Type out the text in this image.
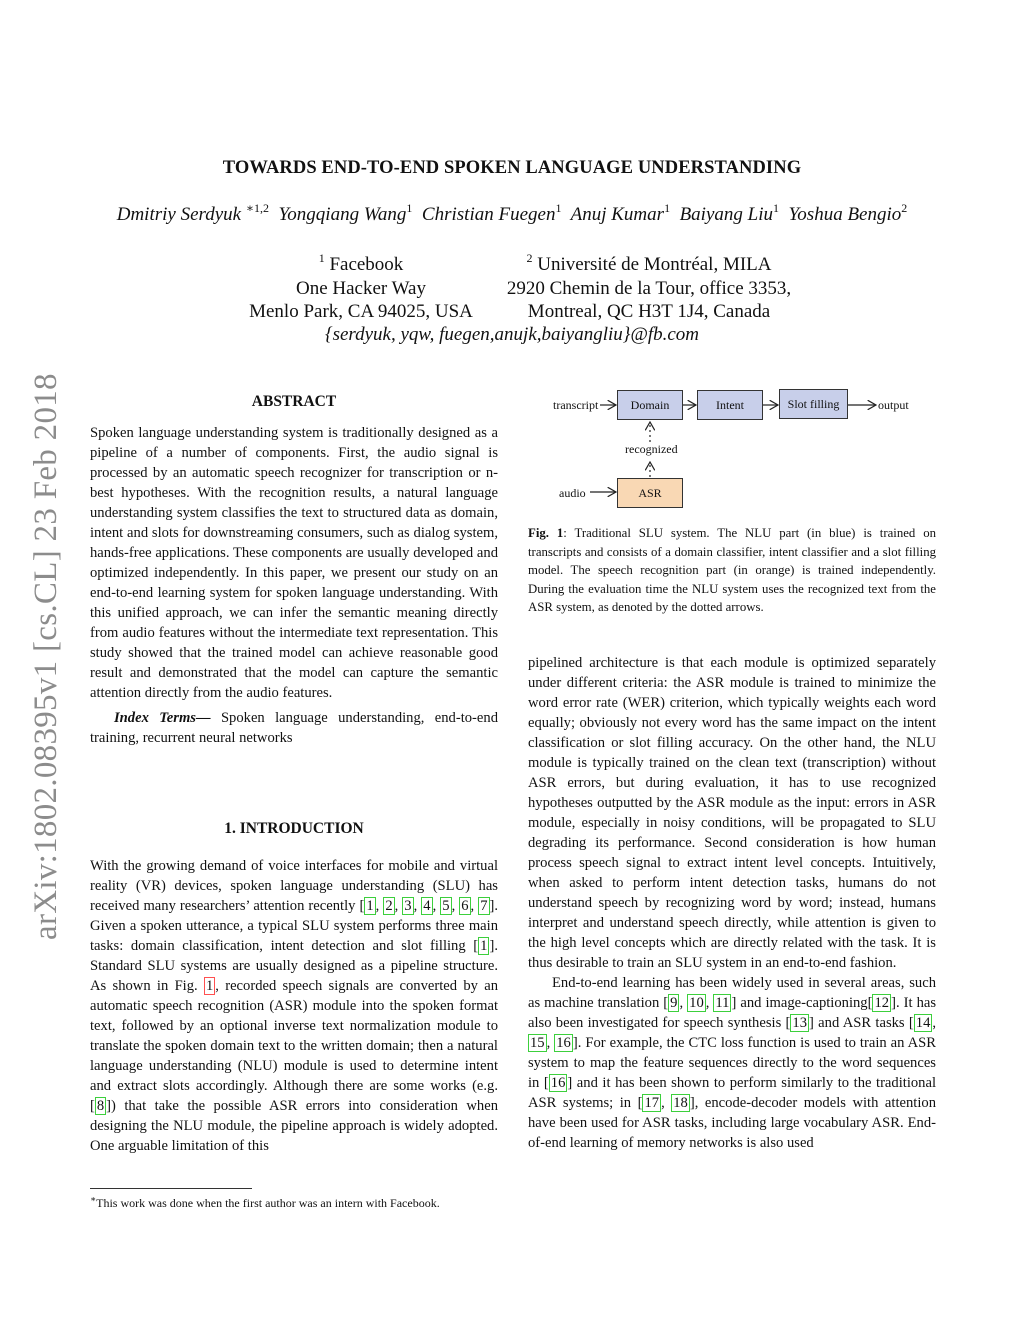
arXiv:1802.08395v1 [cs.CL] 23 Feb 2018
TOWARDS END-TO-END SPOKEN LANGUAGE UNDERSTANDING
Dmitriy Serdyuk $^{∗1,2}$ Yongqiang Wang$^1$ Christian Fuegen$^1$ Anuj Kumar$^1$ Baiyang Liu$^1$ Yoshua Bengio$^2$
$^1$ Facebook
One Hacker Way
Menlo Park, CA 94025, USA
$^2$ Université de Montréal, MILA
2920 Chemin de la Tour, office 3353,
Montreal, QC H3T 1J4, Canada
{serdyuk, yqw, fuegen,anujk,baiyangliu}@fb.com
ABSTRACT

Spoken language understanding system is traditionally designed as a pipeline of a number of components. First, the audio signal is processed by an automatic speech recognizer for transcription or n-best hypotheses. With the recognition results, a natural language understanding system classifies the text to structured data as domain, intent and slots for downstreaming consumers, such as dialog system, hands-free applications. These components are usually developed and optimized independently. In this paper, we present our study on an end-to-end learning system for spoken language understanding. With this unified approach, we can infer the semantic meaning directly from audio features without the intermediate text representation. This study showed that the trained model can achieve reasonable good result and demonstrated that the model can capture the semantic attention directly from the audio features.

Index Terms— Spoken language understanding, end-to-end training, recurrent neural networks

1. INTRODUCTION

With the growing demand of voice interfaces for mobile and virtual reality (VR) devices, spoken language understanding (SLU) has received many researchers’ attention recently [ 1 , 2 , 3 , 4 , 5 , 6 , 7 ]. Given a spoken utterance, a typical SLU system performs three main tasks: domain classification, intent detection and slot filling [ 1 ]. Standard SLU systems are usually designed as a pipeline structure. As shown in Fig. 1 , recorded speech signals are converted by an automatic speech recognition (ASR) module into the spoken format text, followed by an optional inverse text normalization module to translate the spoken domain text to the written domain; then a natural language understanding (NLU) module is used to determine intent and extract slots accordingly. Although there are some works (e.g. [ 8 ]) that take the possible ASR errors into consideration when designing the NLU module, the pipeline approach is widely adopted. One arguable limitation of this

∗This work was done when the first author was an intern with Facebook.
Domain	Intent	Slot filling
ASR
transcript	output
recognized
audio
Fig. 1: Traditional SLU system. The NLU part (in blue) is trained on transcripts and consists of a domain classifier, intent classifier and a slot filling model. The speech recognition part (in orange) is trained independently. During the evaluation time the NLU system uses the recognized text from the ASR system, as denoted by the dotted arrows.

pipelined architecture is that each module is optimized separately under different criteria: the ASR module is trained to minimize the word error rate (WER) criterion, which typically weights each word equally; obviously not every word has the same impact on the intent classification or slot filling accuracy. On the other hand, the NLU module is typically trained on the clean text (transcription) without ASR errors, but during evaluation, it has to use recognized hypotheses outputted by the ASR module as the input: errors in ASR module, especially in noisy conditions, will be propagated to SLU degrading its performance. Second consideration is how human process speech signal to extract intent level concepts. Intuitively, when asked to perform intent detection tasks, humans do not understand speech by recognizing word by word; instead, humans interpret and understand speech directly, while attention is given to the high level concepts which are directly related with the task. It is thus desirable to train an SLU system in an end-to-end fashion.

End-to-end learning has been widely used in several areas, such as machine translation [ 9 , 10 , 11 ] and image-captioning[ 12 ]. It has also been investigated for speech synthesis [ 13 ] and ASR tasks [ 14 , 15 , 16 ]. For example, the CTC loss function is used to train an ASR system to map the feature sequences directly to the word sequences in [ 16 ] and it has been shown to perform similarly to the traditional ASR systems; in [ 17 , 18 ], encode-decoder models with attention have been used for ASR tasks, including large vocabulary ASR. End-of-end learning of memory networks is also used
